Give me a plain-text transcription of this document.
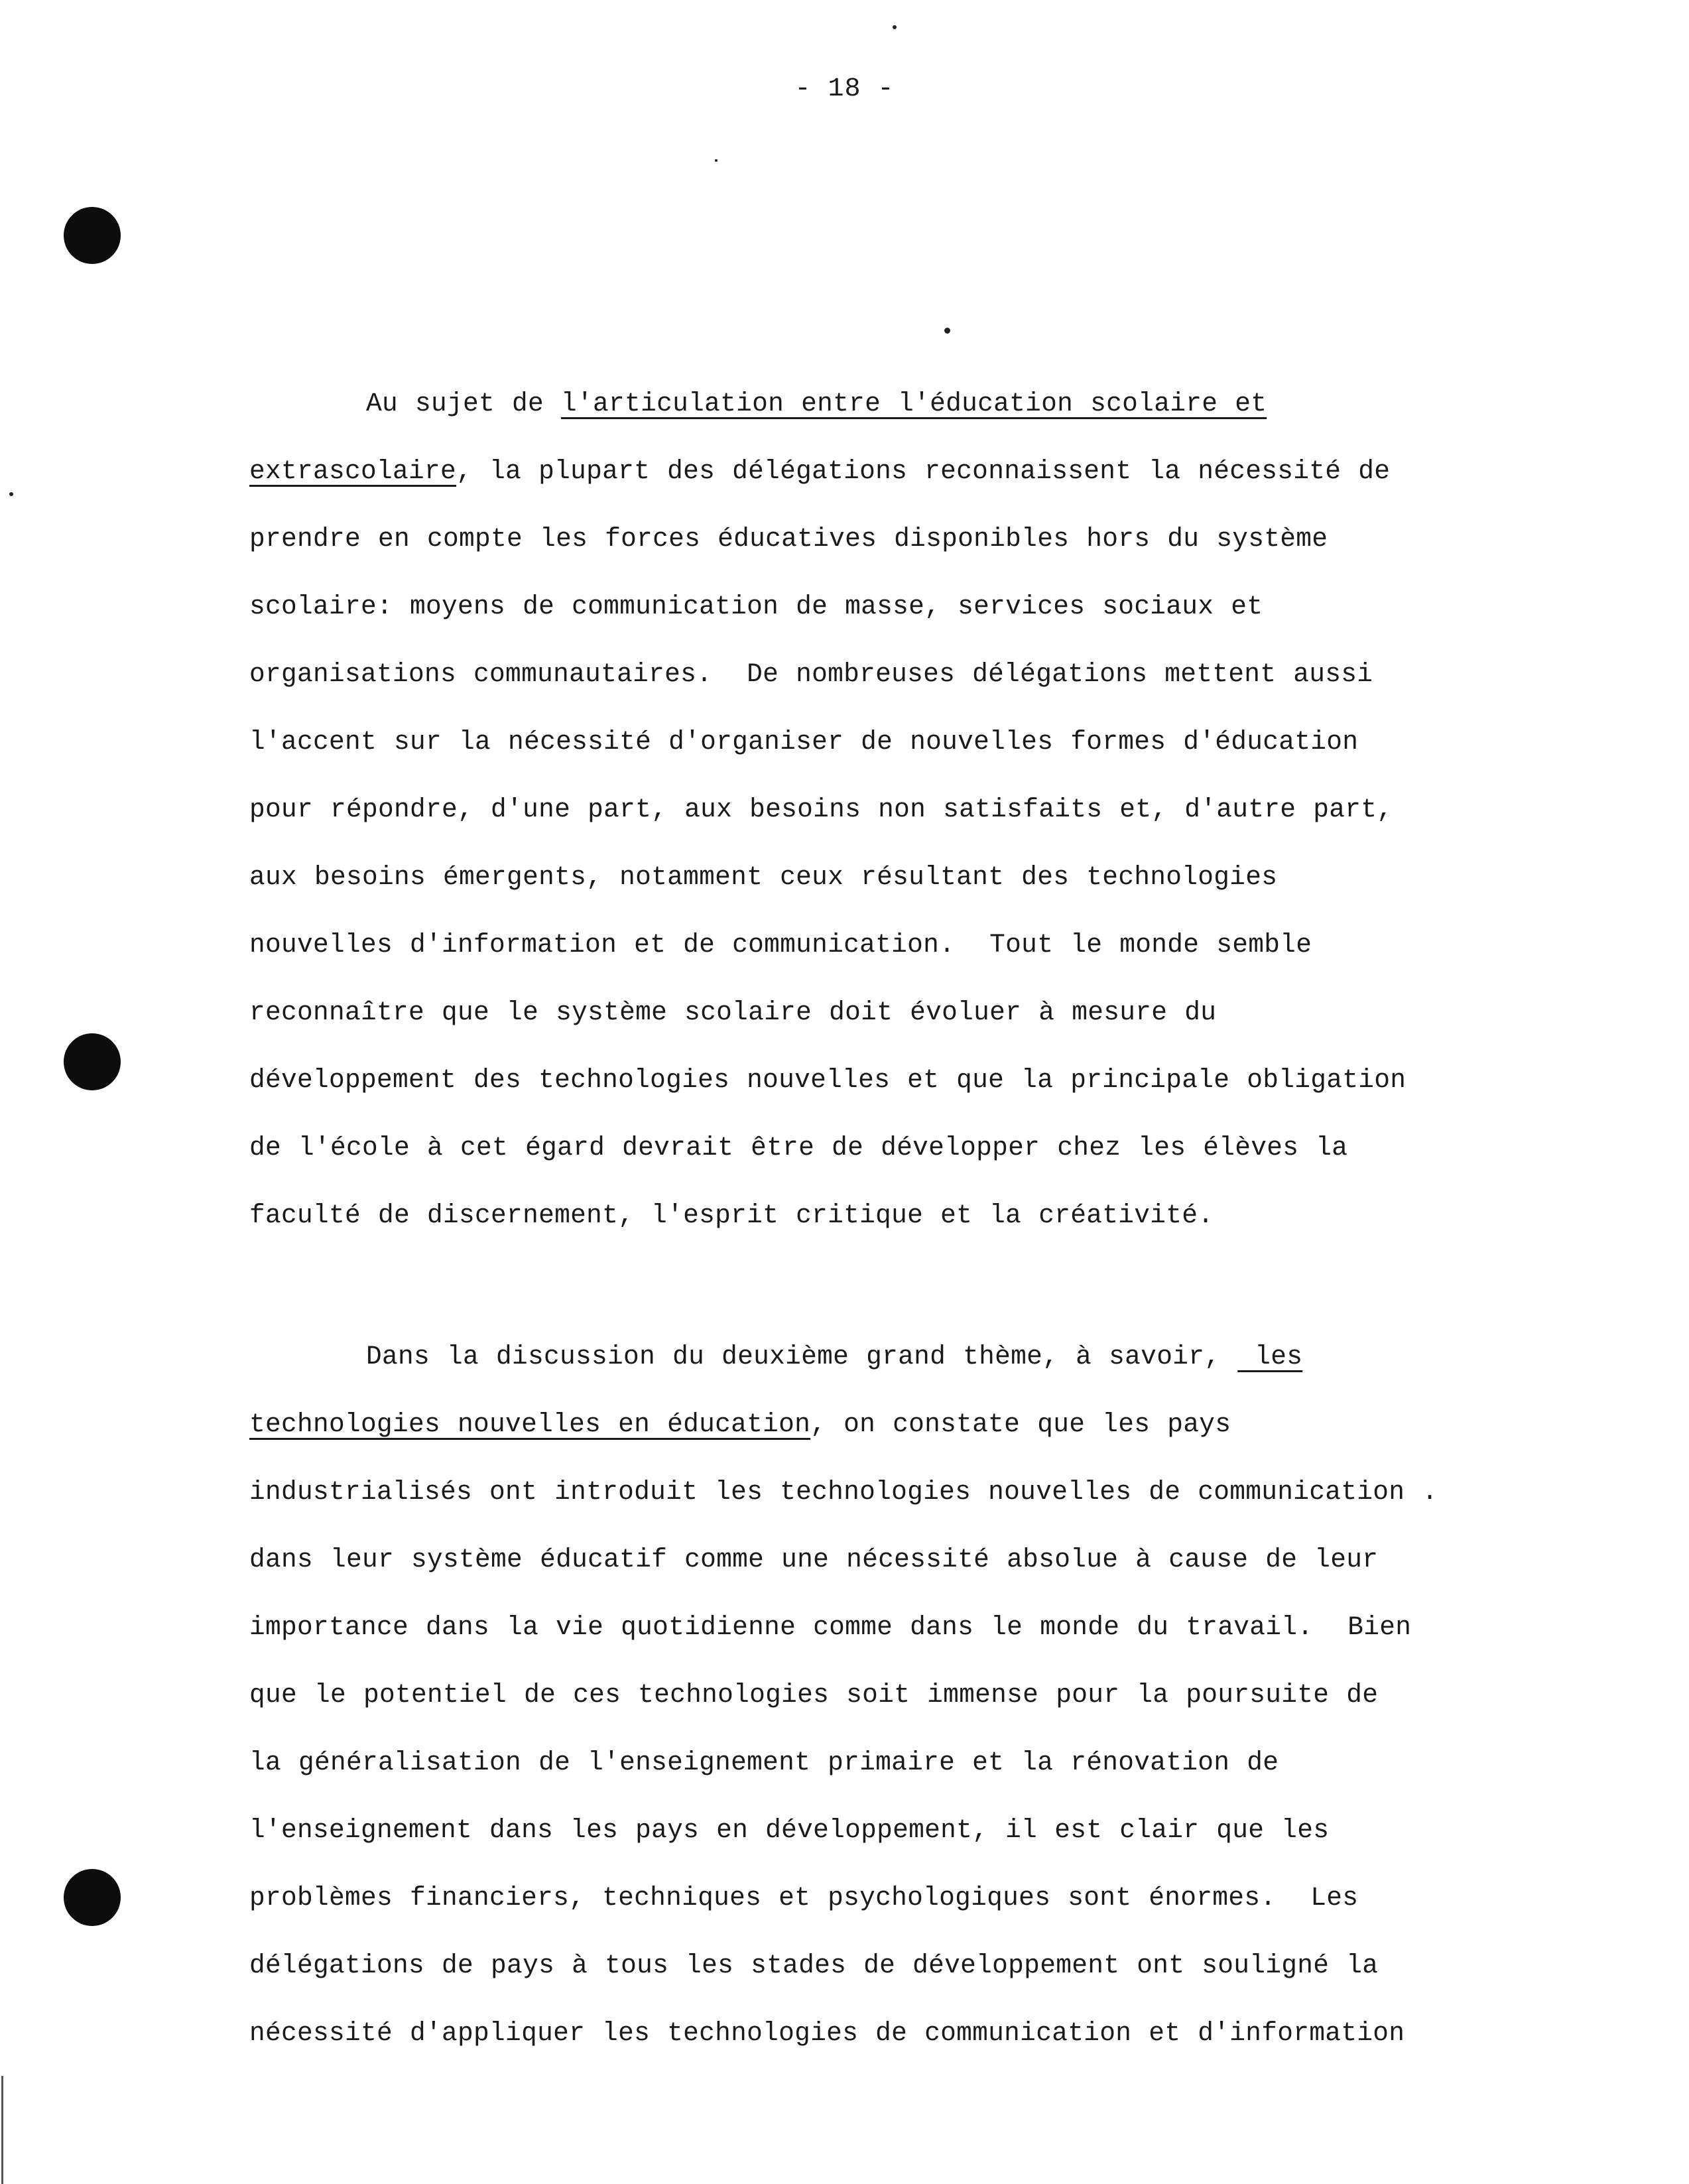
- 18 -
Au sujet de l'articulation entre l'éducation scolaire et
extrascolaire, la plupart des délégations reconnaissent la nécessité de
prendre en compte les forces éducatives disponibles hors du système
scolaire: moyens de communication de masse, services sociaux et
organisations communautaires.  De nombreuses délégations mettent aussi
l'accent sur la nécessité d'organiser de nouvelles formes d'éducation
pour répondre, d'une part, aux besoins non satisfaits et, d'autre part,
aux besoins émergents, notamment ceux résultant des technologies
nouvelles d'information et de communication.  Tout le monde semble
reconnaître que le système scolaire doit évoluer à mesure du
développement des technologies nouvelles et que la principale obligation
de l'école à cet égard devrait être de développer chez les élèves la
faculté de discernement, l'esprit critique et la créativité.
Dans la discussion du deuxième grand thème, à savoir,  les
technologies nouvelles en éducation, on constate que les pays
industrialisés ont introduit les technologies nouvelles de communication .
dans leur système éducatif comme une nécessité absolue à cause de leur
importance dans la vie quotidienne comme dans le monde du travail.  Bien
que le potentiel de ces technologies soit immense pour la poursuite de
la généralisation de l'enseignement primaire et la rénovation de
l'enseignement dans les pays en développement, il est clair que les
problèmes financiers, techniques et psychologiques sont énormes.  Les
délégations de pays à tous les stades de développement ont souligné la
nécessité d'appliquer les technologies de communication et d'information
